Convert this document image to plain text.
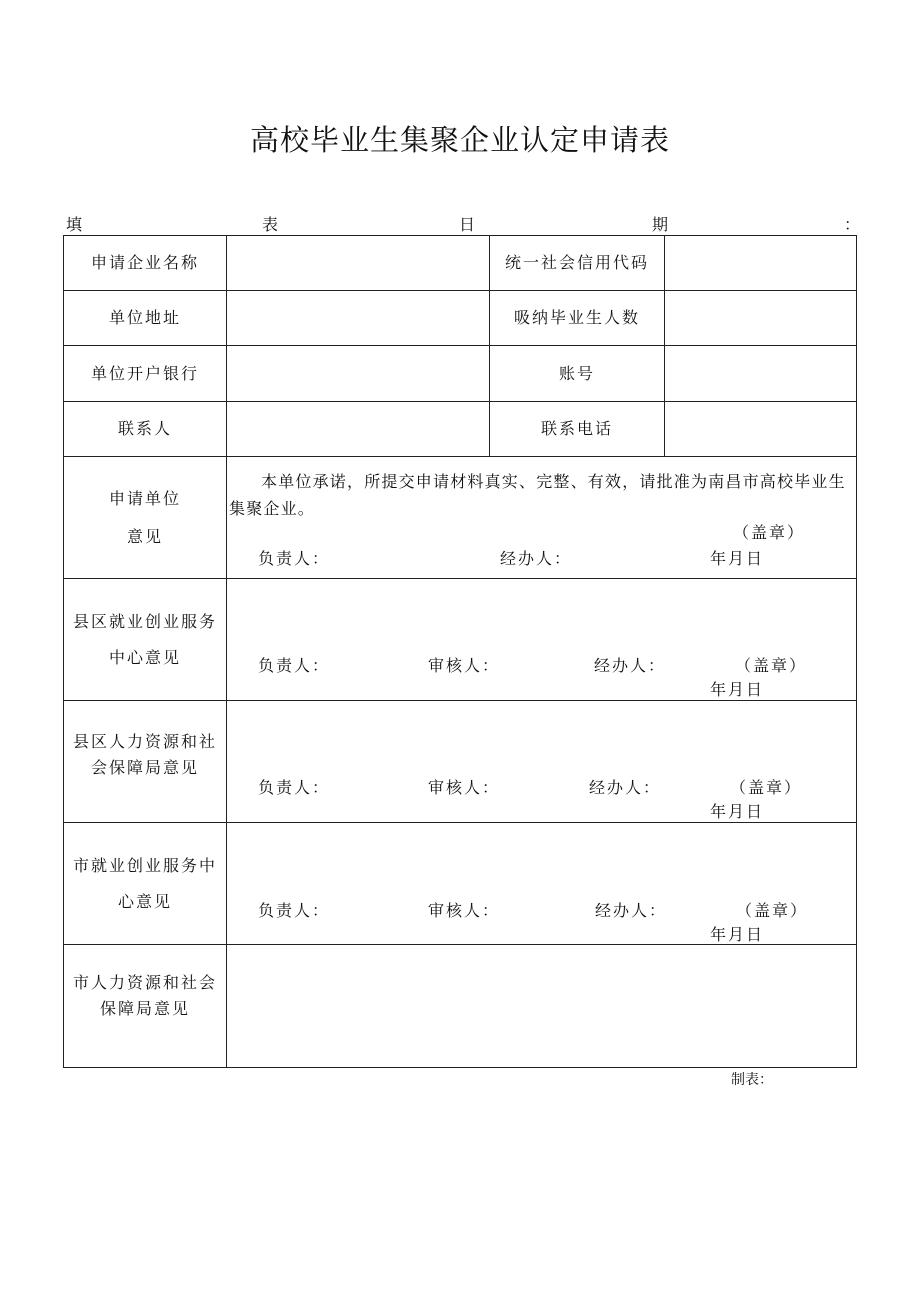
高校毕业生集聚企业认定申请表
填	表	日	期	：
申请企业名称	统一社会信用代码
单位地址	吸纳毕业生人数
单位开户银行	账号
联系人	联系电话
申请单位
意见
本单位承诺，所提交申请材料真实、完整、有效，请批准为南昌市高校毕业生集聚企业。
（盖章）
负责人：	经办人：	年月日
县区就业创业服务
中心意见	负责人：	审核人：	经办人：	（盖章）
年月日
县区人力资源和社
会保障局意见
负责人：	审核人：	经办人：	（盖章）
年月日
市就业创业服务中
心意见	负责人：	审核人：	经办人：	（盖章）
年月日
市人力资源和社会
保障局意见
制表：
